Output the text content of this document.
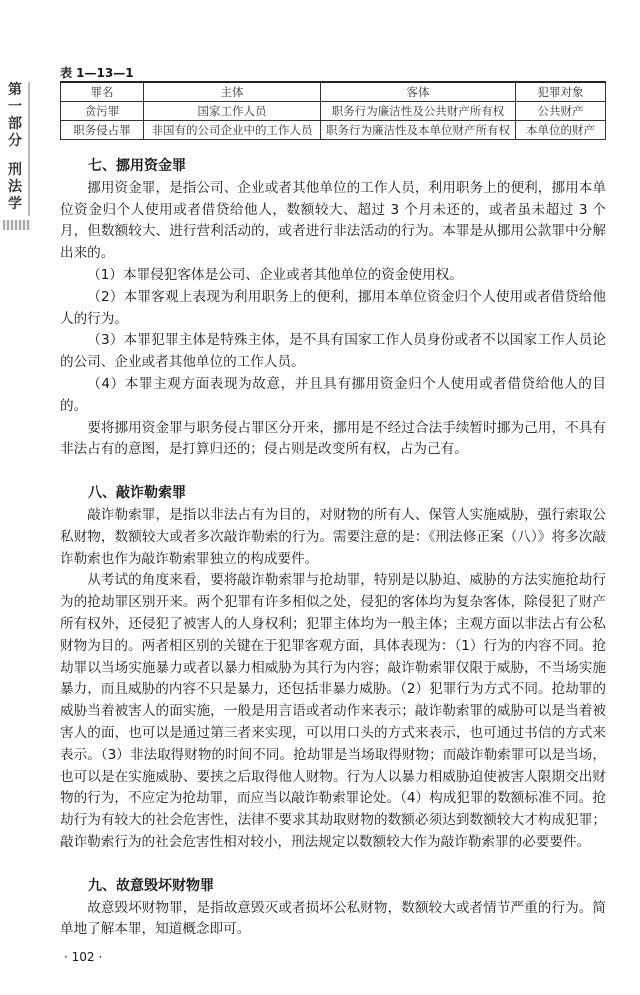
第
一
部
分
刑
法
学
表 1—13—1
罪名	主体	客体	犯罪对象
贪污罪	国家工作人员	职务行为廉洁性及公共财产所有权	公共财产
职务侵占罪	非国有的公司企业中的工作人员	职务行为廉洁性及本单位财产所有权	本单位的财产
七、挪用资金罪

挪用资金罪，是指公司、企业或者其他单位的工作人员，利用职务上的便利，挪用本单位资金归个人使用或者借贷给他人，数额较大、超过 3 个月未还的，或者虽未超过 3 个月，但数额较大、进行营利活动的，或者进行非法活动的行为。本罪是从挪用公款罪中分解出来的。

（1）本罪侵犯客体是公司、企业或者其他单位的资金使用权。

（2）本罪客观上表现为利用职务上的便利，挪用本单位资金归个人使用或者借贷给他人的行为。

（3）本罪犯罪主体是特殊主体，是不具有国家工作人员身份或者不以国家工作人员论的公司、企业或者其他单位的工作人员。

（4）本罪主观方面表现为故意，并且具有挪用资金归个人使用或者借贷给他人的目的。

要将挪用资金罪与职务侵占罪区分开来，挪用是不经过合法手续暂时挪为己用，不具有非法占有的意图，是打算归还的；侵占则是改变所有权，占为己有。

八、敲诈勒索罪

敲诈勒索罪，是指以非法占有为目的，对财物的所有人、保管人实施威胁，强行索取公私财物，数额较大或者多次敲诈勒索的行为。需要注意的是：《刑法修正案（八）》将多次敲诈勒索也作为敲诈勒索罪独立的构成要件。

从考试的角度来看，要将敲诈勒索罪与抢劫罪，特别是以胁迫、威胁的方法实施抢劫行为的抢劫罪区别开来。两个犯罪有许多相似之处，侵犯的客体均为复杂客体，除侵犯了财产所有权外，还侵犯了被害人的人身权利；犯罪主体均为一般主体；主观方面以非法占有公私财物为目的。两者相区别的关键在于犯罪客观方面，具体表现为：（1）行为的内容不同。抢劫罪以当场实施暴力或者以暴力相威胁为其行为内容；敲诈勒索罪仅限于威胁，不当场实施暴力，而且威胁的内容不只是暴力，还包括非暴力威胁。（2）犯罪行为方式不同。抢劫罪的威胁当着被害人的面实施，一般是用言语或者动作来表示；敲诈勒索罪的威胁可以是当着被害人的面，也可以是通过第三者来实现，可以用口头的方式来表示，也可通过书信的方式来表示。（3）非法取得财物的时间不同。抢劫罪是当场取得财物；而敲诈勒索罪可以是当场，也可以是在实施威胁、要挟之后取得他人财物。行为人以暴力相威胁迫使被害人限期交出财物的行为，不应定为抢劫罪，而应当以敲诈勒索罪论处。（4）构成犯罪的数额标准不同。抢劫行为有较大的社会危害性，法律不要求其劫取财物的数额必须达到数额较大才构成犯罪；敲诈勒索行为的社会危害性相对较小，刑法规定以数额较大作为敲诈勒索罪的必要要件。

九、故意毁坏财物罪

故意毁坏财物罪，是指故意毁灭或者损坏公私财物，数额较大或者情节严重的行为。简单地了解本罪，知道概念即可。

· 102 ·
